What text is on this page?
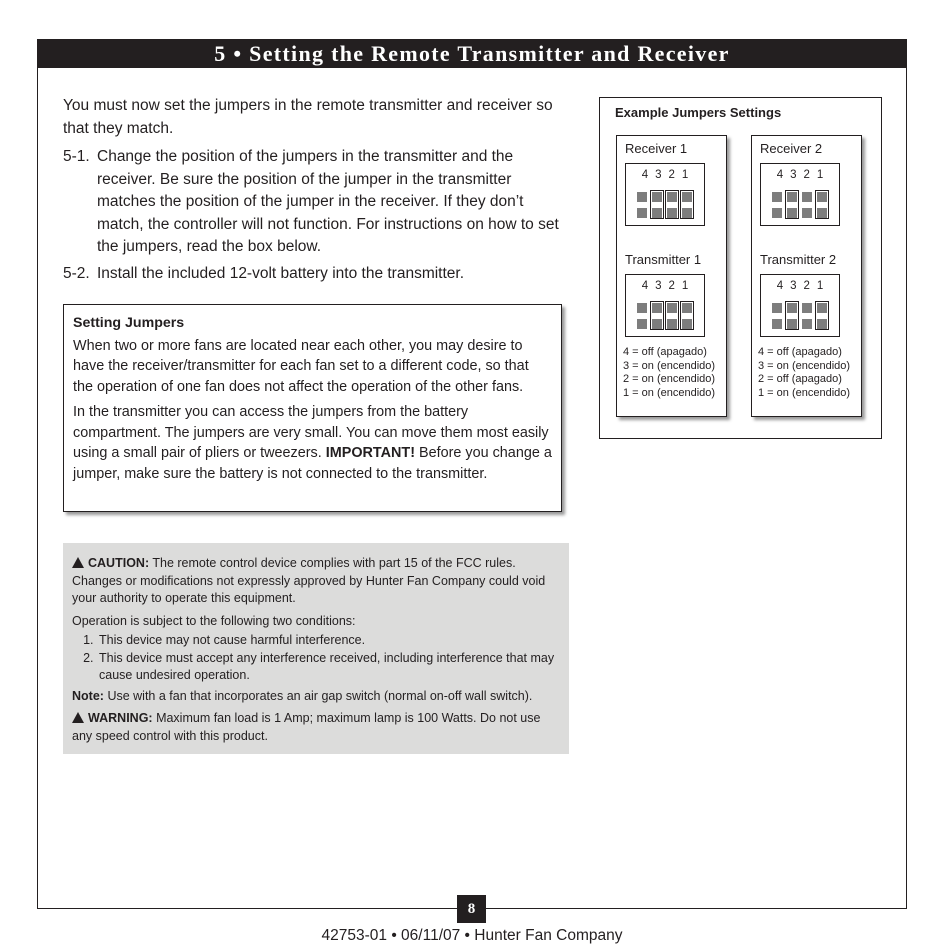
5 • Setting the Remote Transmitter and Receiver

You must now set the jumpers in the remote transmitter and receiver so that they match.

5-1. Change the position of the jumpers in the transmitter and the receiver. Be sure the position of the jumper in the transmitter matches the position of the jumper in the receiver. If they don’t match, the controller will not function. For instructions on how to set the jumpers, read the box below.
5-2. Install the included 12-volt battery into the transmitter.
Setting Jumpers

When two or more fans are located near each other, you may desire to have the receiver/transmitter for each fan set to a different code, so that the operation of one fan does not affect the operation of the other fans.

In the transmitter you can access the jumpers from the battery compartment. The jumpers are very small. You can move them most easily using a small pair of pliers or tweezers. IMPORTANT! Before you change a jumper, make sure the battery is not connected to the transmitter.

CAUTION: The remote control device complies with part 15 of the FCC rules. Changes or modifications not expressly approved by Hunter Fan Company could void your authority to operate this equipment.

Operation is subject to the following two conditions:

1. This device may not cause harmful interference.
2. This device must accept any interference received, including interference that may cause undesired operation.

Note: Use with a fan that incorporates an air gap switch (normal on-off wall switch).

WARNING: Maximum fan load is 1 Amp; maximum lamp is 100 Watts. Do not use any speed control with this product.

Example Jumpers Settings
Receiver 1
4 3 2 1
Transmitter 1
4 3 2 1
4 = off (apagado)
3 = on (encendido)
2 = on (encendido)
1 = on (encendido)
Receiver 2
4 3 2 1
Transmitter 2
4 3 2 1
4 = off (apagado)
3 = on (encendido)
2 = off (apagado)
1 = on (encendido)
8
42753-01 • 06/11/07 • Hunter Fan Company
